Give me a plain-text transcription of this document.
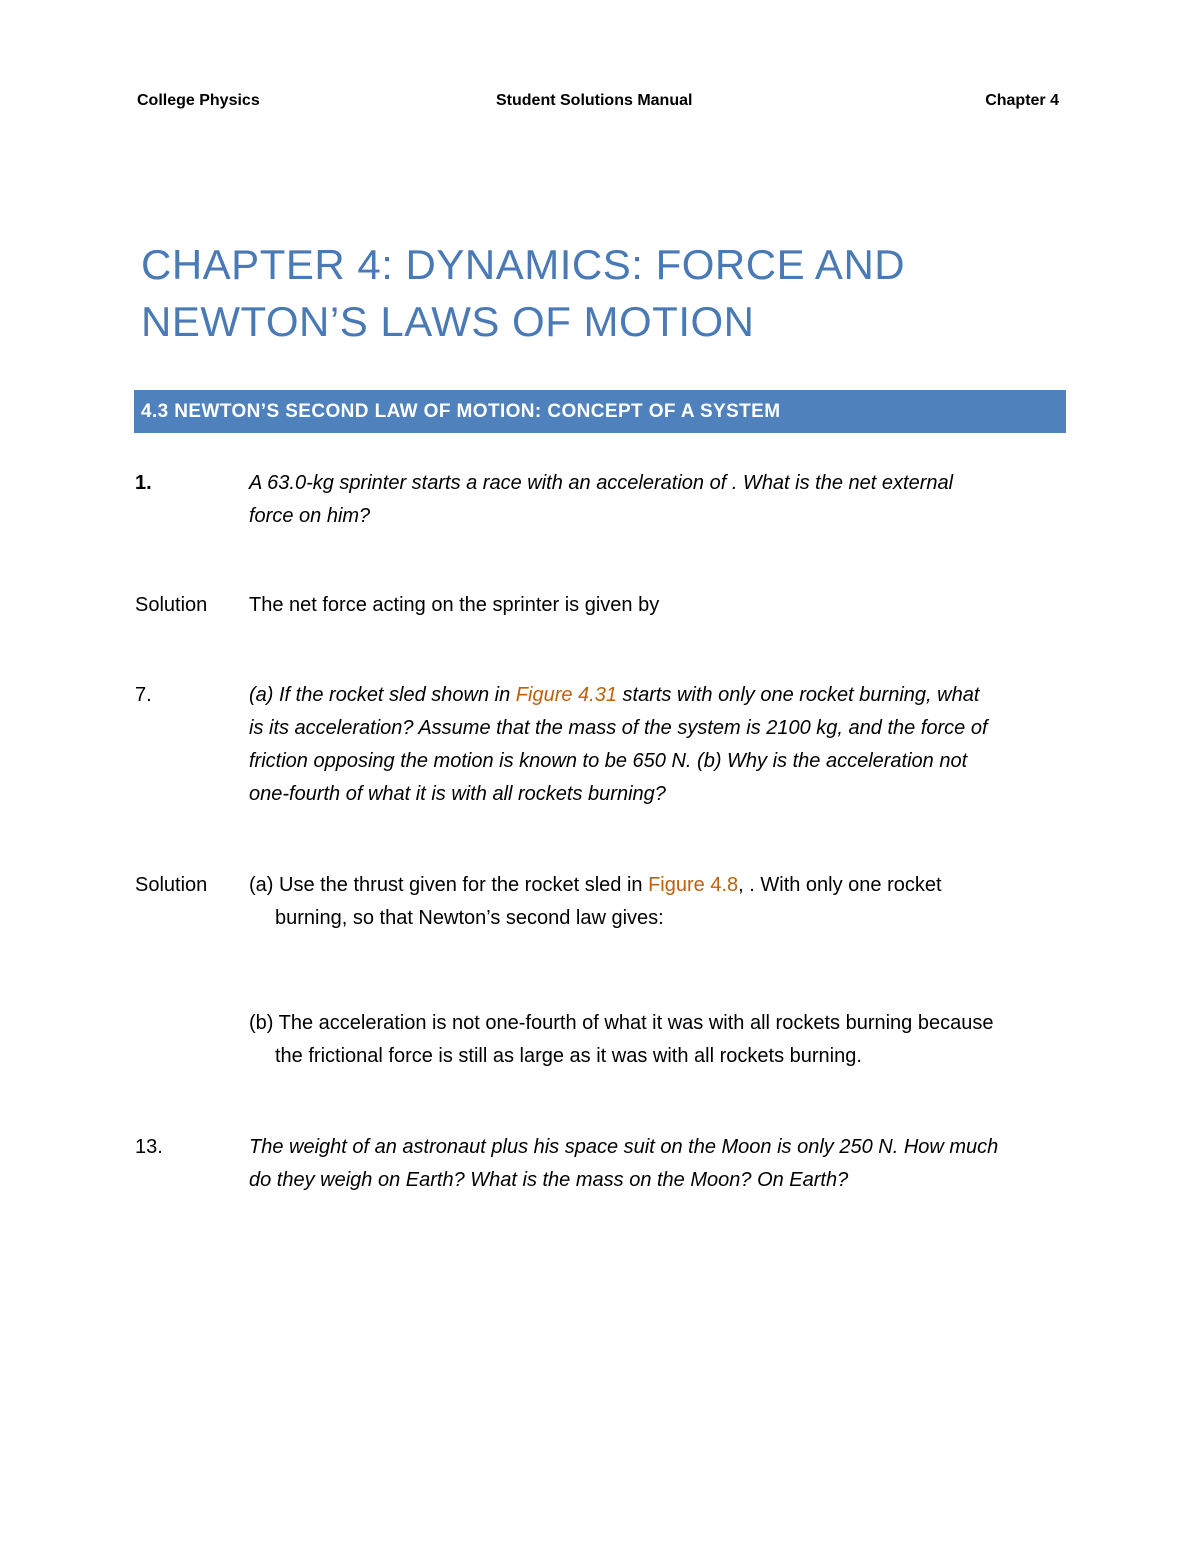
College Physics	Student Solutions Manual	Chapter 4
CHAPTER 4: DYNAMICS: FORCE AND
NEWTON’S LAWS OF MOTION
4.3 NEWTON’S SECOND LAW OF MOTION: CONCEPT OF A SYSTEM
1.	A 63.0-kg sprinter starts a race with an acceleration of . What is the net external
force on him?
Solution The net force acting on the sprinter is given by
7.	(a) If the rocket sled shown in Figure 4.31 starts with only one rocket burning, what
is its acceleration? Assume that the mass of the system is 2100 kg, and the force of
friction opposing the motion is known to be 650 N. (b) Why is the acceleration not
one-fourth of what it is with all rockets burning?
Solution (a) Use the thrust given for the rocket sled in Figure 4.8, . With only one rocket
burning, so that Newton’s second law gives:
(b) The acceleration is not one-fourth of what it was with all rockets burning because
the frictional force is still as large as it was with all rockets burning.
13.	The weight of an astronaut plus his space suit on the Moon is only 250 N. How much
do they weigh on Earth? What is the mass on the Moon? On Earth?
